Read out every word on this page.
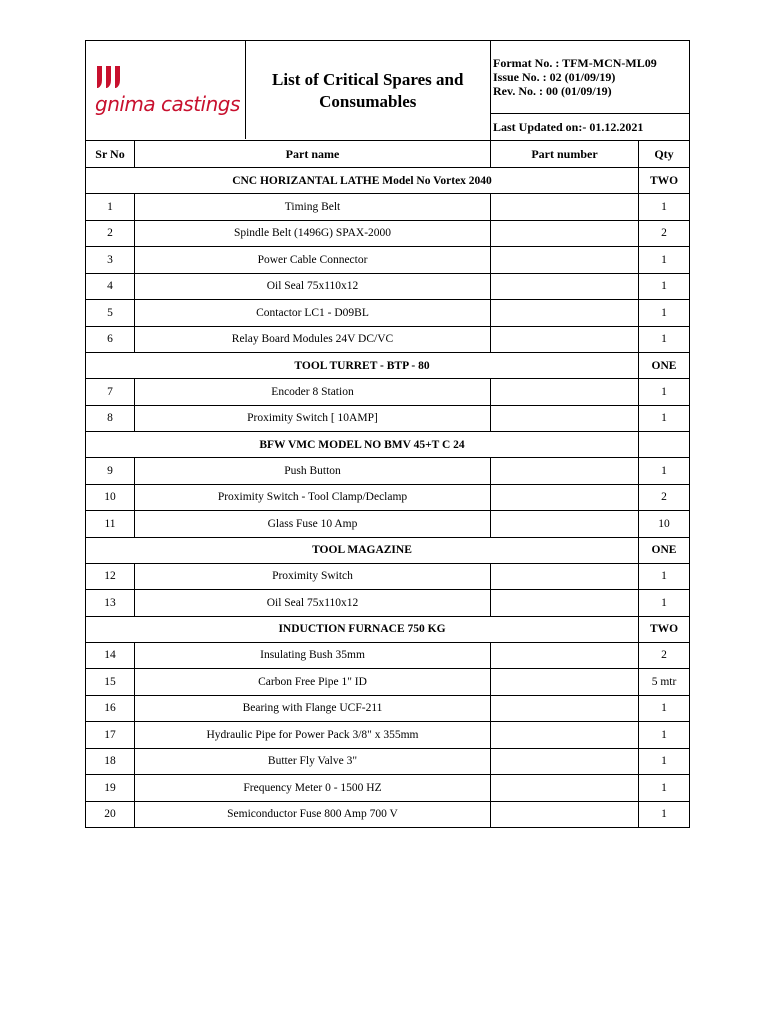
	List of Critical Spares and Consumables	Format No. : TFM-MCN-ML09
Issue No. : 02 (01/09/19)
Rev. No. : 00 (01/09/19)	

		Last Updated on:- 01.12.2021	
Sr No	Part name	Part number	Qty
CNC HORIZANTAL LATHE Model No Vortex 2040			TWO
1	Timing Belt		1
2	Spindle Belt (1496G) SPAX-2000		2
3	Power Cable Connector		1
4	Oil Seal 75x110x12		1
5	Contactor LC1 - D09BL		1
6	Relay Board Modules 24V DC/VC		1
TOOL TURRET - BTP - 80			ONE
7	Encoder 8 Station		1
8	Proximity Switch [ 10AMP]		1
BFW VMC MODEL NO BMV 45+T C 24			
9	Push Button		1
10	Proximity Switch - Tool Clamp/Declamp		2
11	Glass Fuse 10 Amp		10
TOOL MAGAZINE			ONE
12	Proximity Switch		1
13	Oil Seal 75x110x12		1
INDUCTION FURNACE 750 KG			TWO
14	Insulating Bush 35mm		2
15	Carbon Free Pipe 1" ID		5 mtr
16	Bearing with Flange UCF-211		1
17	Hydraulic Pipe for Power Pack 3/8" x 355mm		1
18	Butter Fly Valve 3"		1
19	Frequency Meter 0 - 1500 HZ		1
20	Semiconductor Fuse 800 Amp 700 V		1
gnima castings
